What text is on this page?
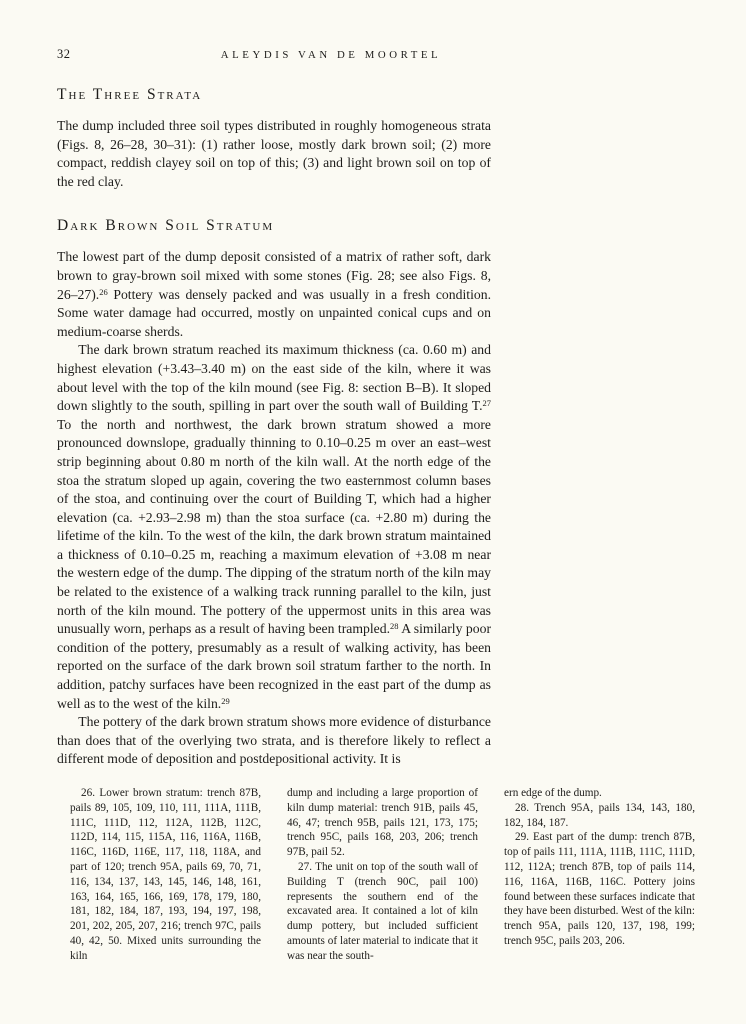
32	ALEYDIS VAN DE MOORTEL
The Three Strata

The dump included three soil types distributed in roughly homogeneous strata (Figs. 8, 26–28, 30–31): (1) rather loose, mostly dark brown soil; (2) more compact, reddish clayey soil on top of this; (3) and light brown soil on top of the red clay.

Dark Brown Soil Stratum

The lowest part of the dump deposit consisted of a matrix of rather soft, dark brown to gray-brown soil mixed with some stones (Fig. 28; see also Figs. 8, 26–27).$^{26}$ Pottery was densely packed and was usually in a fresh condition. Some water damage had occurred, mostly on unpainted conical cups and on medium-coarse sherds.

The dark brown stratum reached its maximum thickness (ca. 0.60 m) and highest elevation (+3.43–3.40 m) on the east side of the kiln, where it was about level with the top of the kiln mound (see Fig. 8: section B–B). It sloped down slightly to the south, spilling in part over the south wall of Building T.$^{27}$ To the north and northwest, the dark brown stratum showed a more pronounced downslope, gradually thinning to 0.10–0.25 m over an east–west strip beginning about 0.80 m north of the kiln wall. At the north edge of the stoa the stratum sloped up again, covering the two easternmost column bases of the stoa, and continuing over the court of Building T, which had a higher elevation (ca. +2.93–2.98 m) than the stoa surface (ca. +2.80 m) during the lifetime of the kiln. To the west of the kiln, the dark brown stratum maintained a thickness of 0.10–0.25 m, reaching a maximum elevation of +3.08 m near the western edge of the dump. The dipping of the stratum north of the kiln may be related to the existence of a walking track running parallel to the kiln, just north of the kiln mound. The pottery of the uppermost units in this area was unusually worn, perhaps as a result of having been trampled.$^{28}$ A similarly poor condition of the pottery, presumably as a result of walking activity, has been reported on the surface of the dark brown soil stratum farther to the north. In addition, patchy surfaces have been recognized in the east part of the dump as well as to the west of the kiln.$^{29}$

The pottery of the dark brown stratum shows more evidence of disturbance than does that of the overlying two strata, and is therefore likely to reflect a different mode of deposition and postdepositional activity. It is

26. Lower brown stratum: trench 87B, pails 89, 105, 109, 110, 111, 111A, 111B, 111C, 111D, 112, 112A, 112B, 112C, 112D, 114, 115, 115A, 116, 116A, 116B, 116C, 116D, 116E, 117, 118, 118A, and part of 120; trench 95A, pails 69, 70, 71, 116, 134, 137, 143, 145, 146, 148, 161, 163, 164, 165, 166, 169, 178, 179, 180, 181, 182, 184, 187, 193, 194, 197, 198, 201, 202, 205, 207, 216; trench 97C, pails 40, 42, 50. Mixed units surrounding the kiln

dump and including a large proportion of kiln dump material: trench 91B, pails 45, 46, 47; trench 95B, pails 121, 173, 175; trench 95C, pails 168, 203, 206; trench 97B, pail 52.

27. The unit on top of the south wall of Building T (trench 90C, pail 100) represents the southern end of the excavated area. It contained a lot of kiln dump pottery, but included sufficient amounts of later material to indicate that it was near the south-

ern edge of the dump.

28. Trench 95A, pails 134, 143, 180, 182, 184, 187.

29. East part of the dump: trench 87B, top of pails 111, 111A, 111B, 111C, 111D, 112, 112A; trench 87B, top of pails 114, 116, 116A, 116B, 116C. Pottery joins found between these surfaces indicate that they have been disturbed. West of the kiln: trench 95A, pails 120, 137, 198, 199; trench 95C, pails 203, 206.
